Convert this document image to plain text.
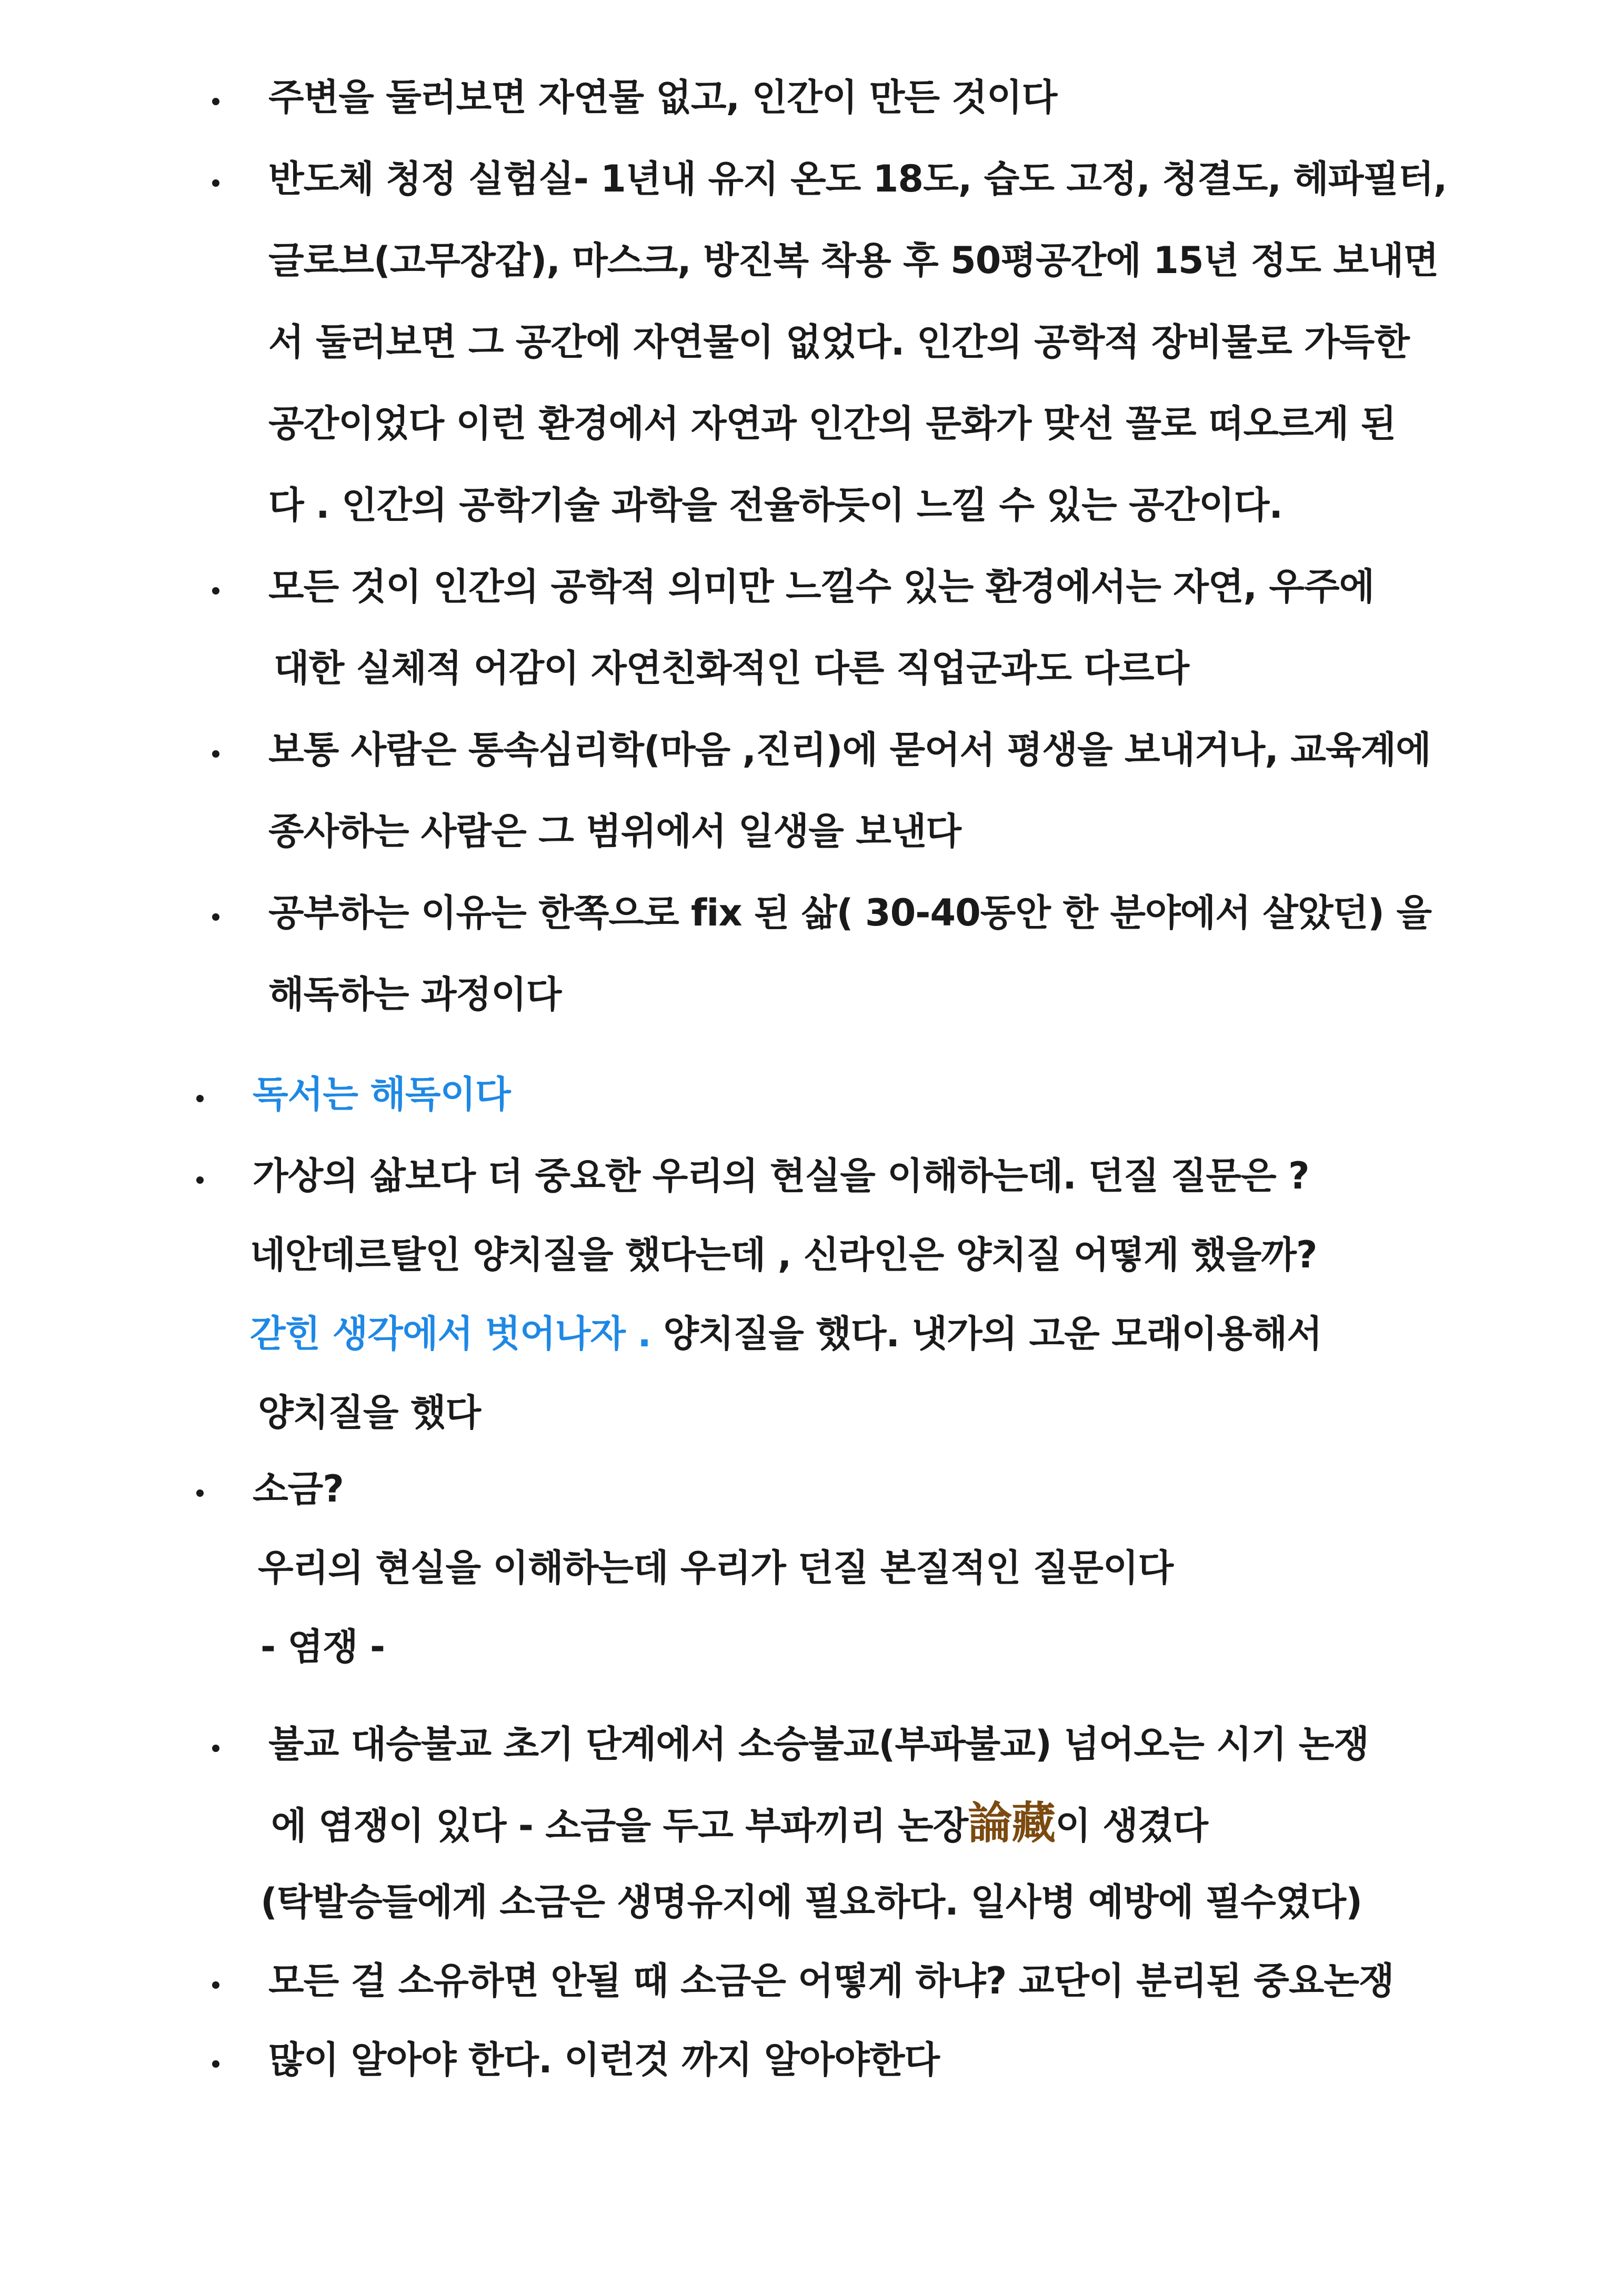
주변을 둘러보면 자연물 없고, 인간이 만든 것이다
반도체 청정 실험실- 1년내 유지 온도 18도, 습도 고정, 청결도, 헤파필터,
글로브(고무장갑), 마스크, 방진복 착용 후 50평공간에 15년 정도 보내면
서 둘러보면 그 공간에 자연물이 없었다. 인간의 공학적 장비물로 가득한
공간이었다 이런 환경에서 자연과 인간의 문화가 맞선 꼴로 떠오르게 된
다 . 인간의 공학기술 과학을 전율하듯이 느낄 수 있는 공간이다.
모든 것이 인간의 공학적 의미만 느낄수 있는 환경에서는 자연, 우주에
대한 실체적 어감이 자연친화적인 다른 직업군과도 다르다
보통 사람은 통속심리학(마음 ,진리)에 묻어서 평생을 보내거나, 교육계에
종사하는 사람은 그 범위에서 일생을 보낸다
공부하는 이유는 한쪽으로 fix 된 삶( 30-40동안 한 분야에서 살았던) 을
해독하는 과정이다
독서는 해독이다
가상의 삶보다 더 중요한 우리의 현실을 이해하는데. 던질 질문은 ?
네안데르탈인 양치질을 했다는데 , 신라인은 양치질 어떻게 했을까?
갇힌 생각에서 벗어나자 . 양치질을 했다. 냇가의 고운 모래이용해서
양치질을 했다
소금?
우리의 현실을 이해하는데 우리가 던질 본질적인 질문이다
- 염쟁 -
불교 대승불교 초기 단계에서 소승불교(부파불교) 넘어오는 시기 논쟁
에 염쟁이 있다 - 소금을 두고 부파끼리 논장論藏이 생겼다
(탁발승들에게 소금은 생명유지에 필요하다. 일사병 예방에 필수였다)
모든 걸 소유하면 안될 때 소금은 어떻게 하냐? 교단이 분리된 중요논쟁
많이 알아야 한다. 이런것 까지 알아야한다
